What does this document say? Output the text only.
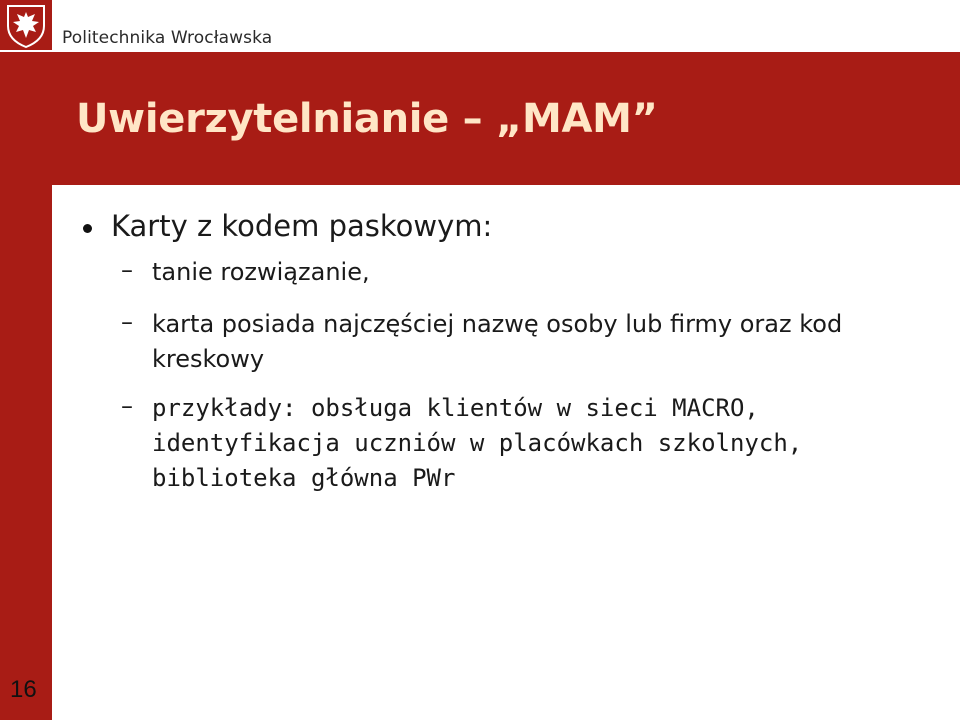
Politechnika Wrocławska
Uwierzytelnianie – „MAM”
Karty z kodem paskowym:
– tanie rozwiązanie,
– karta posiada najczęściej nazwę osoby lub firmy oraz kod kreskowy
– przykłady: obsługa klientów w sieci MACRO, identyfikacja uczniów w placówkach szkolnych, biblioteka główna PWr
16
